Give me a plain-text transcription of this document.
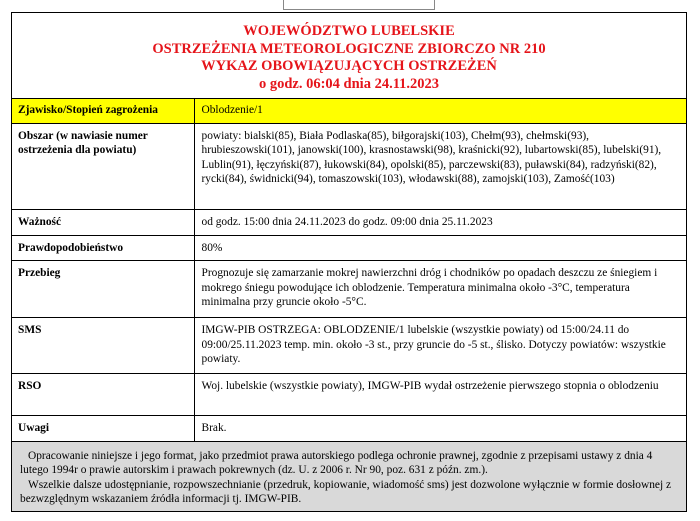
WOJEWÓDZTWO LUBELSKIE
OSTRZEŻENIA METEOROLOGICZNE ZBIORCZO NR 210
WYKAZ OBOWIĄZUJĄCYCH OSTRZEŻEŃ
o godz. 06:04 dnia 24.11.2023
Zjawisko/Stopień zagrożenia	Oblodzenie/1
Obszar (w nawiasie numer ostrzeżenia dla powiatu)	powiaty: bialski(85), Biała Podlaska(85), biłgorajski(103), Chełm(93), chełmski(93), hrubieszowski(101), janowski(100), krasnostawski(98), kraśnicki(92), lubartowski(85), lubelski(91), Lublin(91), łęczyński(87), łukowski(84), opolski(85), parczewski(83), puławski(84), radzyński(82), rycki(84), świdnicki(94), tomaszowski(103), włodawski(88), zamojski(103), Zamość(103)
Ważność	od godz. 15:00 dnia 24.11.2023 do godz. 09:00 dnia 25.11.2023
Prawdopodobieństwo	80%
Przebieg	Prognozuje się zamarzanie mokrej nawierzchni dróg i chodników po opadach deszczu ze śniegiem i mokrego śniegu powodujące ich oblodzenie. Temperatura minimalna około -3°C, temperatura minimalna przy gruncie około -5°C.
SMS	IMGW-PIB OSTRZEGA: OBLODZENIE/1 lubelskie (wszystkie powiaty) od 15:00/24.11 do 09:00/25.11.2023 temp. min. około -3 st., przy gruncie do -5 st., ślisko. Dotyczy powiatów: wszystkie powiaty.
RSO	Woj. lubelskie (wszystkie powiaty), IMGW-PIB wydał ostrzeżenie pierwszego stopnia o oblodzeniu
Uwagi	Brak.

Opracowanie niniejsze i jego format, jako przedmiot prawa autorskiego podlega ochronie prawnej, zgodnie z przepisami ustawy z dnia 4 lutego 1994r o prawie autorskim i prawach pokrewnych (dz. U. z 2006 r. Nr 90, poz. 631 z późn. zm.).

Wszelkie dalsze udostępnianie, rozpowszechnianie (przedruk, kopiowanie, wiadomość sms) jest dozwolone wyłącznie w formie dosłownej z bezwzględnym wskazaniem źródła informacji tj. IMGW-PIB.
